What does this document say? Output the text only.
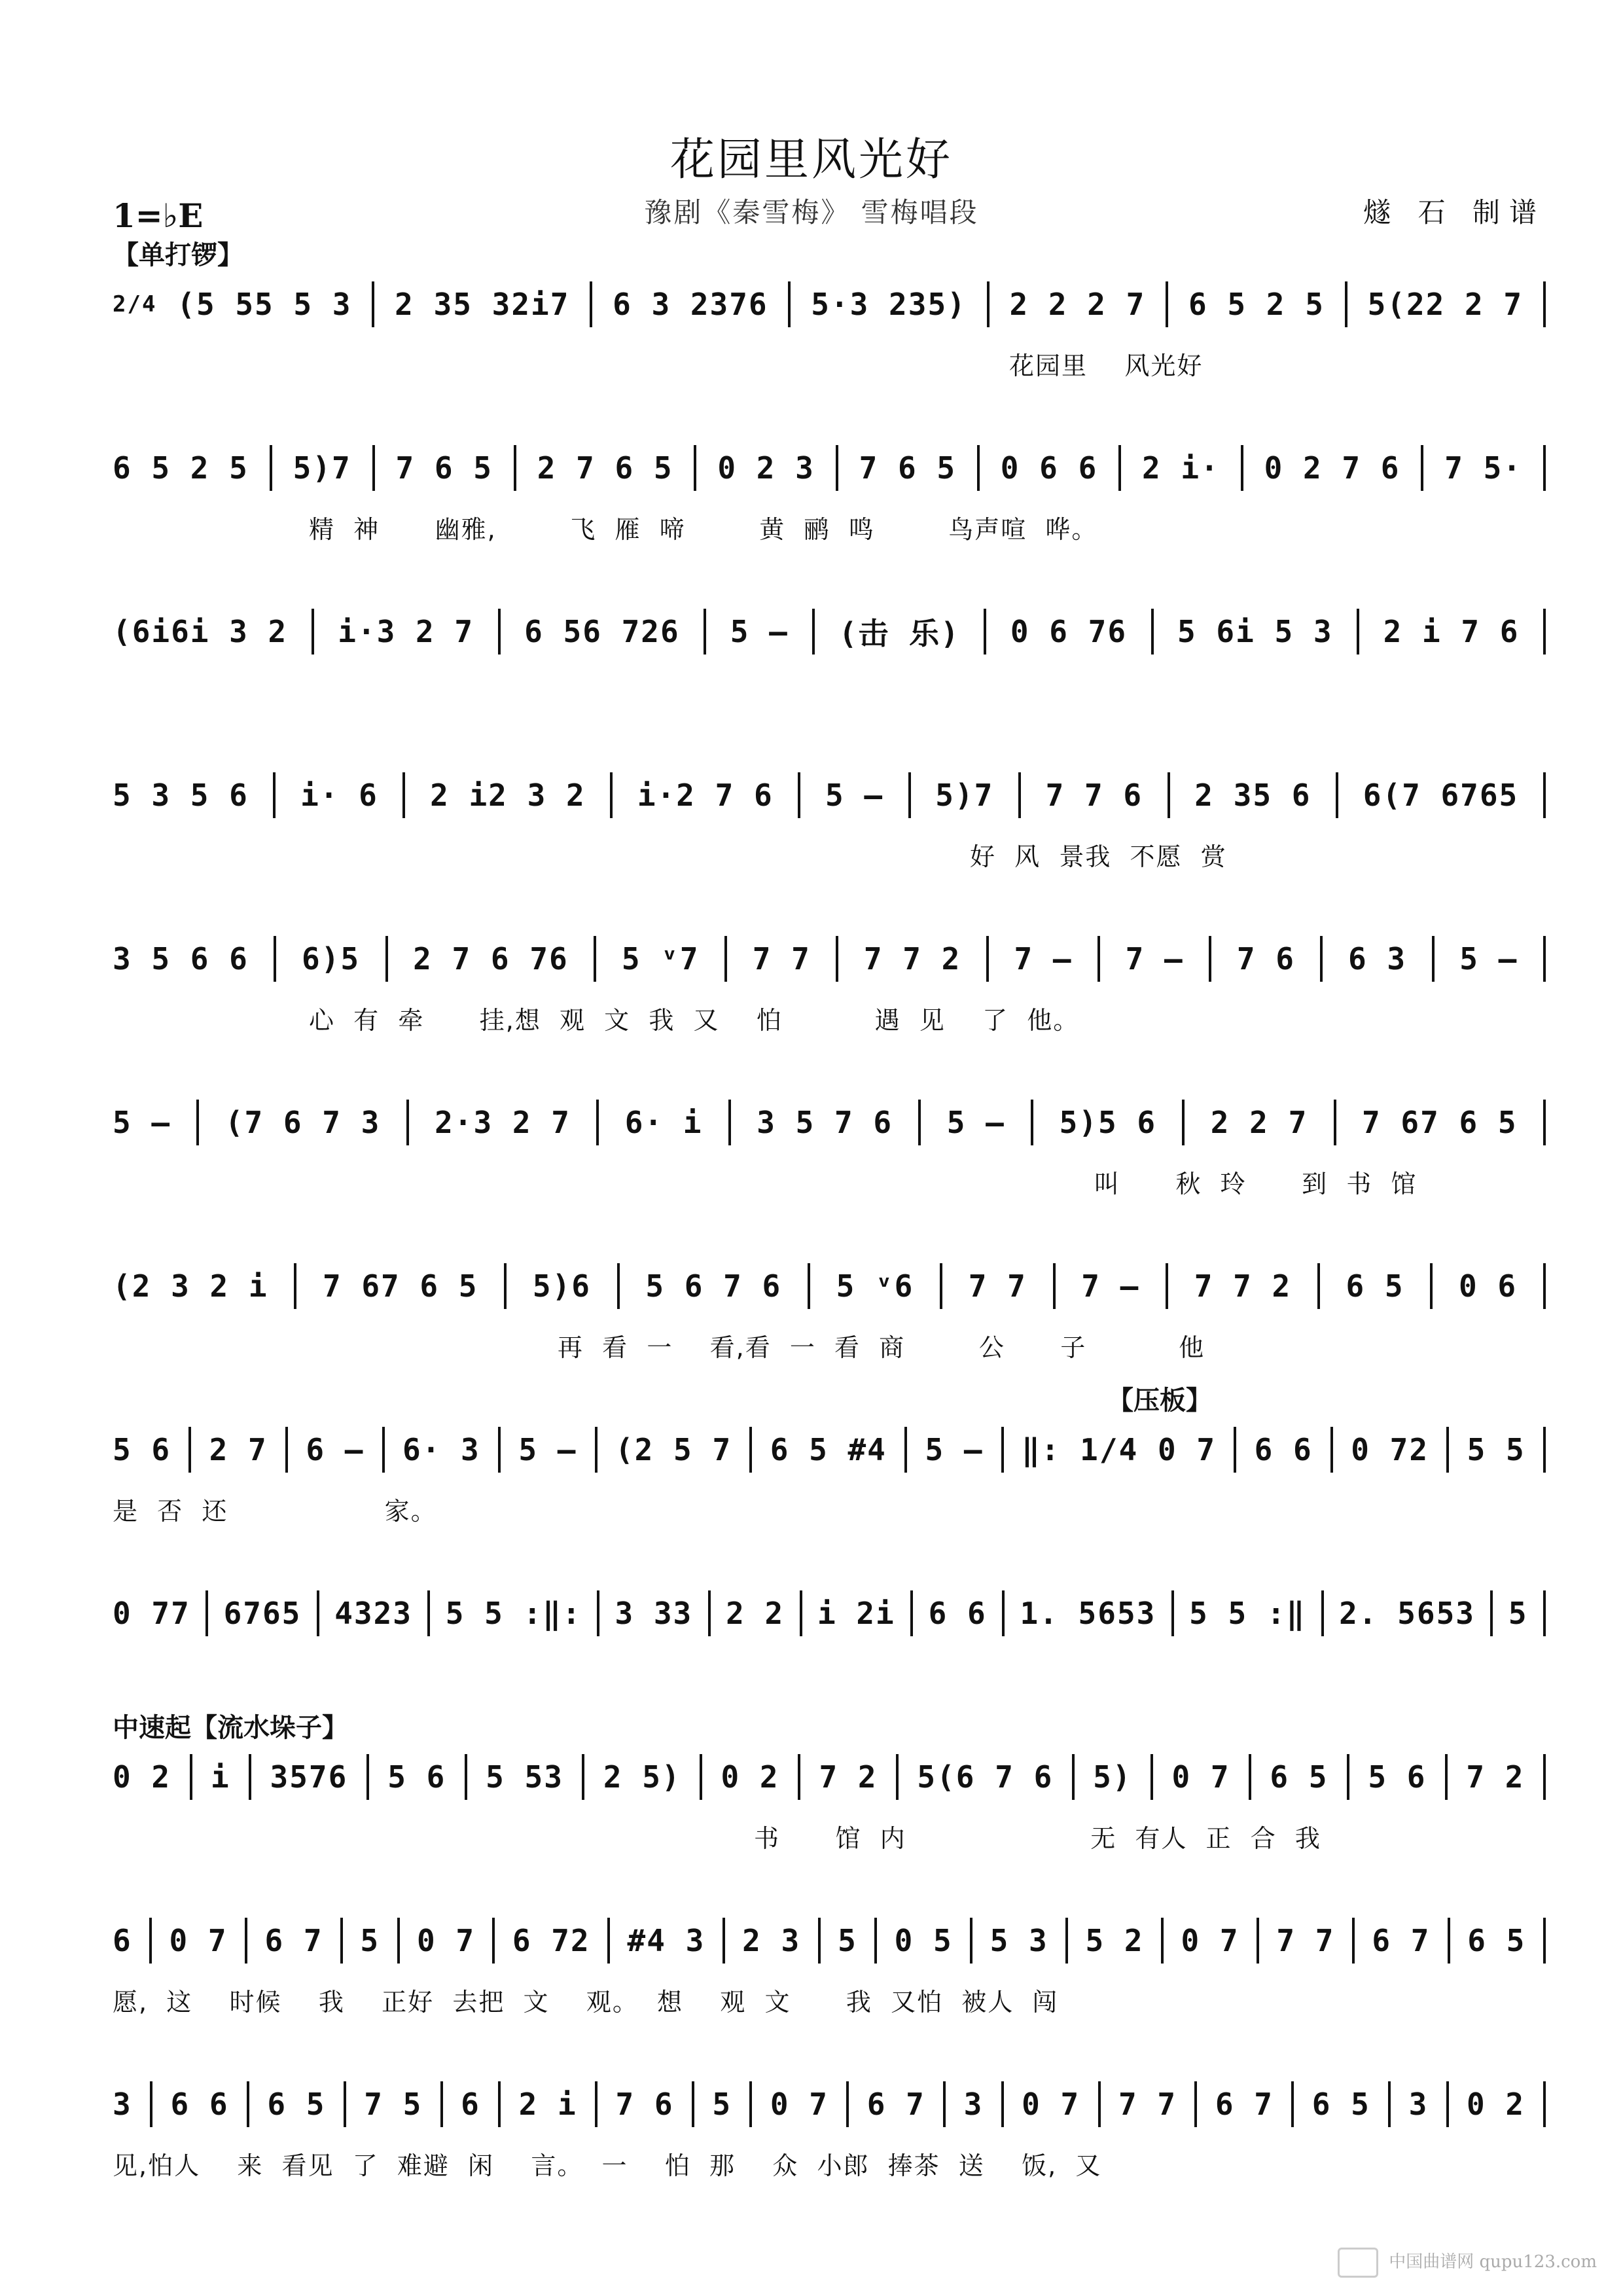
花园里风光好
1=♭E	豫剧《秦雪梅》 雪梅唱段	燧 石 制谱
【单打锣】
2/4 (5 55 5 3 2 35 32i7 6 3 2376 5·3 235) 2 2 2 7 6 5 2 5 5(22 2 7
花园里    风光好
6 5 2 5 5)7 7 6 5 2 7 6 5 0 2 3 7 6 5 0 6 6 2 i· 0 2 7 6 7 5·
精  神      幽雅,        飞  雁  啼        黄  鹂  鸣        鸟声喧  哗。
(6i6i 3 2 i·3 2 7 6 56 726 5 – (击 乐) 0 6 76 5 6i 5 3 2 i 7 6
5 3 5 6 i· 6 2 i2 3 2 i·2 7 6 5 – 5)7 7 7 6 2 35 6 6(7 6765
好  风  景我  不愿  赏
3 5 6 6 6)5 2 7 6 76 5 ᵛ7 7 7 7 7 2 7 – 7 – 7 6 6 3 5 –
心  有  牵      挂,想  观  文  我  又    怕          遇  见    了  他。
5 – (7 6 7 3 2·3 2 7 6· i 3 5 7 6 5 – 5)5 6 2 2 7 7 67 6 5
叫      秋  玲      到  书  馆
(2 3 2 i 7 67 6 5 5)6 5 6 7 6 5 ᵛ6 7 7 7 – 7 7 2 6 5 0 6
再  看  一    看,看  一  看  商        公      子          他
【压板】
5 6 2 7 6 – 6· 3 5 – (2 5 7 6 5 #4 5 – ‖: 1/4 0 7 6 6 0 72 5 5
是  否  还                 家。
0 77 6765 4323 5 5 :‖: 3 33 2 2 i 2i 6 6 1. 5653 5 5 :‖ 2. 5653 5
中速起【流水垛子】
0 2 i 3576 5 6 5 53 2 5) 0 2 7 2 5(6 7 6 5) 0 7 6 5 5 6 7 2
书      馆  内                    无  有人  正  合  我
6 0 7 6 7 5 0 7 6 72 #4 3 2 3 5 0 5 5 3 5 2 0 7 7 7 6 7 6 5
愿,  这    时候    我    正好  去把  文    观。  想    观  文      我  又怕  被人  闯
3 6 6 6 5 7 5 6 2 i 7 6 5 0 7 6 7 3 0 7 7 7 6 7 6 5 3 0 2
见,怕人    来  看见  了  难避  闲    言。  一    怕  那    众  小郎  捧茶  送    饭,  又
中国曲谱网 qupu123.com
